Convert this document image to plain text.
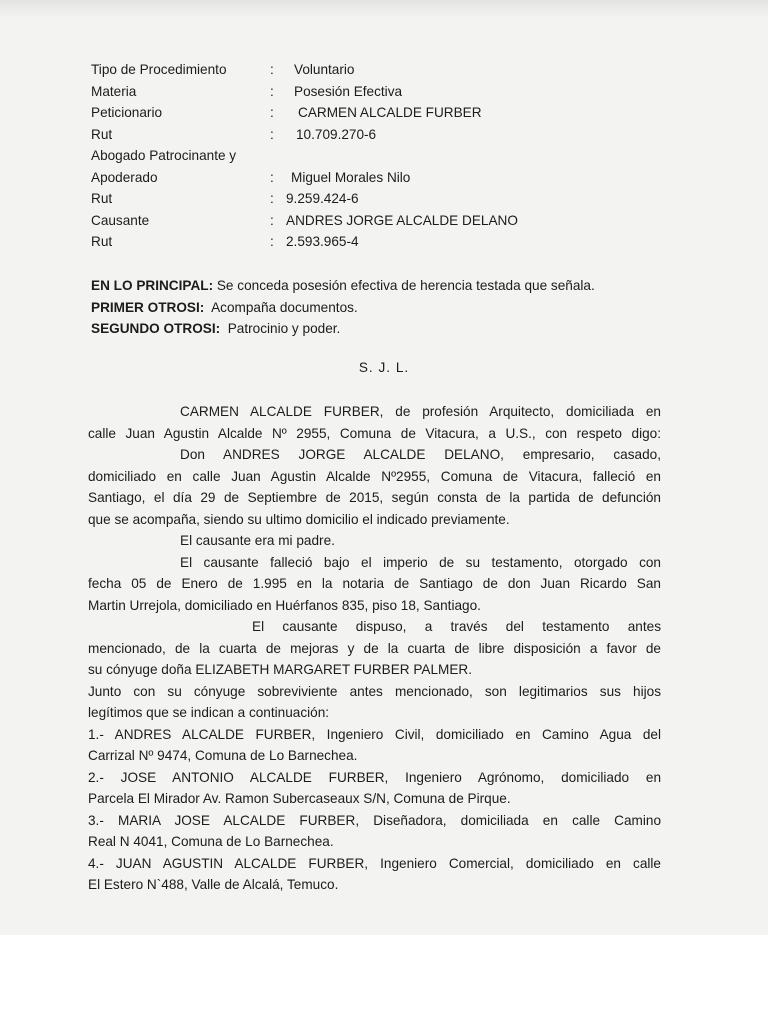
Tipo de Procedimiento	: Voluntario
Materia	: Posesión Efectiva
Peticionario	: CARMEN ALCALDE FURBER
Rut	: 10.709.270-6
Abogado Patrocinante y
Apoderado	: Miguel Morales Nilo
Rut	: 9.259.424-6
Causante	: ANDRES JORGE ALCALDE DELANO
Rut	: 2.593.965-4
EN LO PRINCIPAL: Se conceda posesión efectiva de herencia testada que señala.
PRIMER OTROSI:  Acompaña documentos.
SEGUNDO OTROSI:  Patrocinio y poder.
S. J. L.
CARMEN ALCALDE FURBER, de profesión Arquitecto, domiciliada en
calle Juan Agustin Alcalde Nº 2955, Comuna de Vitacura, a U.S., con respeto digo:
Don ANDRES JORGE ALCALDE DELANO, empresario, casado,
domiciliado en calle Juan Agustin Alcalde Nº2955, Comuna de Vitacura, falleció en
Santiago, el día 29 de Septiembre de 2015, según consta de la partida de defunción
que se acompaña, siendo su ultimo domicilio el indicado previamente.
El causante era mi padre.
El causante falleció bajo el imperio de su testamento, otorgado con
fecha 05 de Enero de 1.995 en la notaria de Santiago de don Juan Ricardo San
Martin Urrejola, domiciliado en Huérfanos 835, piso 18, Santiago.
El causante dispuso, a través del testamento antes
mencionado, de la cuarta de mejoras y de la cuarta de libre disposición a favor de
su cónyuge doña ELIZABETH MARGARET FURBER PALMER.
Junto con su cónyuge sobreviviente antes mencionado, son legitimarios sus hijos
legítimos que se indican a continuación:
1.- ANDRES ALCALDE FURBER, Ingeniero Civil, domiciliado en Camino Agua del
Carrizal Nº 9474, Comuna de Lo Barnechea.
2.- JOSE ANTONIO ALCALDE FURBER, Ingeniero Agrónomo, domiciliado en
Parcela El Mirador Av. Ramon Subercaseaux S/N, Comuna de Pirque.
3.- MARIA JOSE ALCALDE FURBER, Diseñadora, domiciliada en calle Camino
Real N 4041, Comuna de Lo Barnechea.
4.- JUAN AGUSTIN ALCALDE FURBER, Ingeniero Comercial, domiciliado en calle
El Estero N`488, Valle de Alcalá, Temuco.
